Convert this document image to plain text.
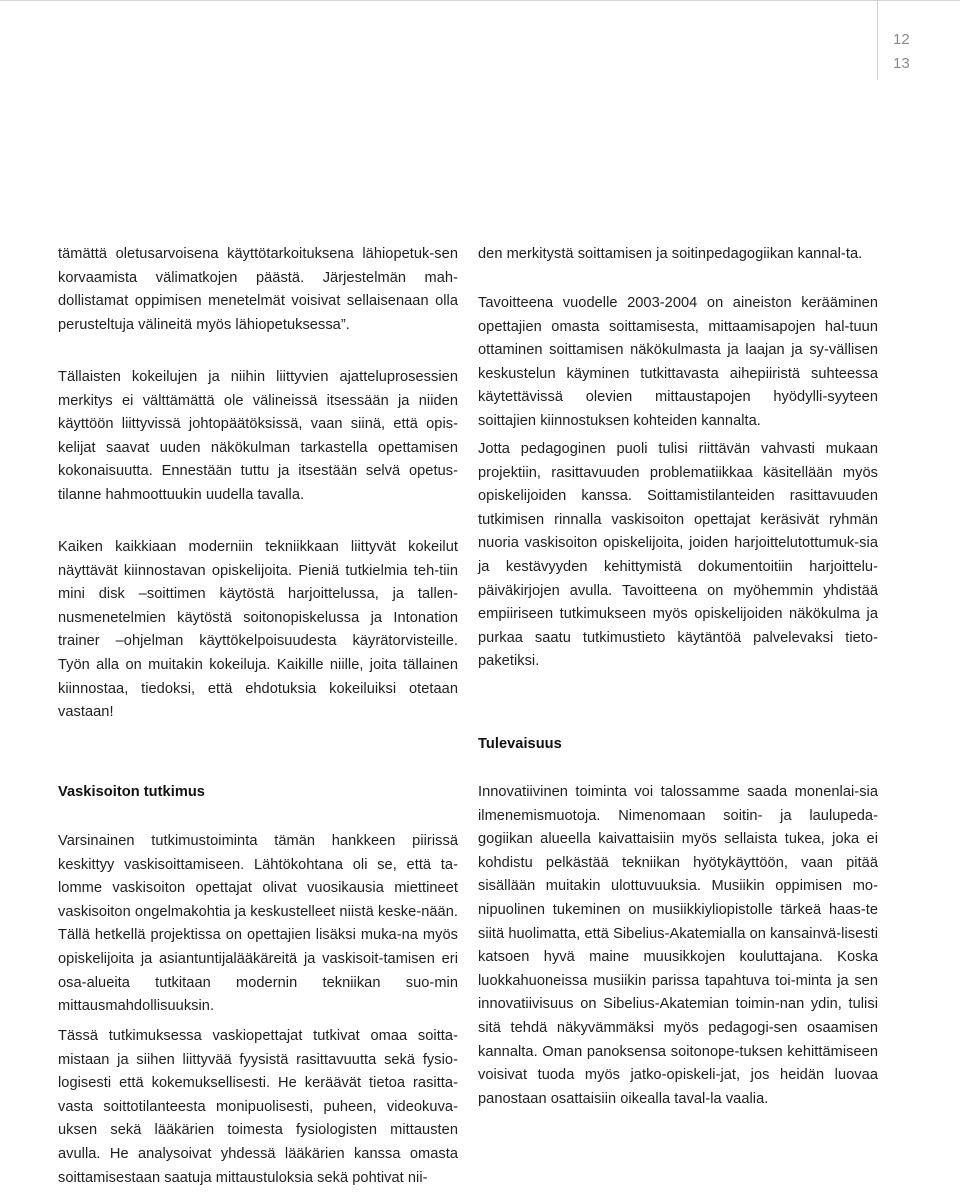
12
13

tämättä oletusarvoisena käyttötarkoituksena lähiopetuk-sen korvaamista välimatkojen päästä. Järjestelmän mah-dollistamat oppimisen menetelmät voisivat sellaisenaan olla perusteltuja välineitä myös lähiopetuksessa”.

Tällaisten kokeilujen ja niihin liittyvien ajatteluprosessien merkitys ei välttämättä ole välineissä itsessään ja niiden käyttöön liittyvissä johtopäätöksissä, vaan siinä, että opis-kelijat saavat uuden näkökulman tarkastella opettamisen kokonaisuutta. Ennestään tuttu ja itsestään selvä opetus-tilanne hahmoottuukin uudella tavalla.

Kaiken kaikkiaan moderniin tekniikkaan liittyvät kokeilut näyttävät kiinnostavan opiskelijoita. Pieniä tutkielmia teh-tiin mini disk –soittimen käytöstä harjoittelussa, ja tallen-nusmenetelmien käytöstä soitonopiskelussa ja Intonation trainer –ohjelman käyttökelpoisuudesta käyrätorvisteille. Työn alla on muitakin kokeiluja. Kaikille niille, joita tällainen kiinnostaa, tiedoksi, että ehdotuksia kokeiluiksi otetaan vastaan!

Vaskisoiton tutkimus

Varsinainen tutkimustoiminta tämän hankkeen piirissä keskittyy vaskisoittamiseen. Lähtökohtana oli se, että ta-lomme vaskisoiton opettajat olivat vuosikausia miettineet vaskisoiton ongelmakohtia ja keskustelleet niistä keske-nään. Tällä hetkellä projektissa on opettajien lisäksi muka-na myös opiskelijoita ja asiantuntijalääkäreitä ja vaskisoit-tamisen eri osa-alueita tutkitaan modernin tekniikan suo-min mittausmahdollisuuksin.

Tässä tutkimuksessa vaskiopettajat tutkivat omaa soitta-mistaan ja siihen liittyvää fyysistä rasittavuutta sekä fysio-logisesti että kokemuksellisesti. He keräävät tietoa rasitta-vasta soittotilanteesta monipuolisesti, puheen, videokuva-uksen sekä lääkärien toimesta fysiologisten mittausten avulla. He analysoivat yhdessä lääkärien kanssa omasta soittamisestaan saatuja mittaustuloksia sekä pohtivat nii-

den merkitystä soittamisen ja soitinpedagogiikan kannal-ta.

Tavoitteena vuodelle 2003-2004 on aineiston kerääminen opettajien omasta soittamisesta, mittaamisapojen hal-tuun ottaminen soittamisen näkökulmasta ja laajan ja sy-vällisen keskustelun käyminen tutkittavasta aihepiiristä suhteessa käytettävissä olevien mittaustapojen hyödylli-syyteen soittajien kiinnostuksen kohteiden kannalta.

Jotta pedagoginen puoli tulisi riittävän vahvasti mukaan projektiin, rasittavuuden problematiikkaa käsitellään myös opiskelijoiden kanssa. Soittamistilanteiden rasittavuuden tutkimisen rinnalla vaskisoiton opettajat keräsivät ryhmän nuoria vaskisoiton opiskelijoita, joiden harjoittelutottumuk-sia ja kestävyyden kehittymistä dokumentoitiin harjoittelu-päiväkirjojen avulla. Tavoitteena on myöhemmin yhdistää empiiriseen tutkimukseen myös opiskelijoiden näkökulma ja purkaa saatu tutkimustieto käytäntöä palvelevaksi tieto-paketiksi.

Tulevaisuus

Innovatiivinen toiminta voi talossamme saada monenlai-sia ilmenemismuotoja. Nimenomaan soitin- ja laulupeda-gogiikan alueella kaivattaisiin myös sellaista tukea, joka ei kohdistu pelkästää tekniikan hyötykäyttöön, vaan pitää sisällään muitakin ulottuvuuksia. Musiikin oppimisen mo-nipuolinen tukeminen on musiikkiyliopistolle tärkeä haas-te siitä huolimatta, että Sibelius-Akatemialla on kansainvä-lisesti katsoen hyvä maine muusikkojen kouluttajana. Koska luokkahuoneissa musiikin parissa tapahtuva toi-minta ja sen innovatiivisuus on Sibelius-Akatemian toimin-nan ydin, tulisi sitä tehdä näkyvämmäksi myös pedagogi-sen osaamisen kannalta. Oman panoksensa soitonope-tuksen kehittämiseen voisivat tuoda myös jatko-opiskeli-jat, jos heidän luovaa panostaan osattaisiin oikealla taval-la vaalia.
